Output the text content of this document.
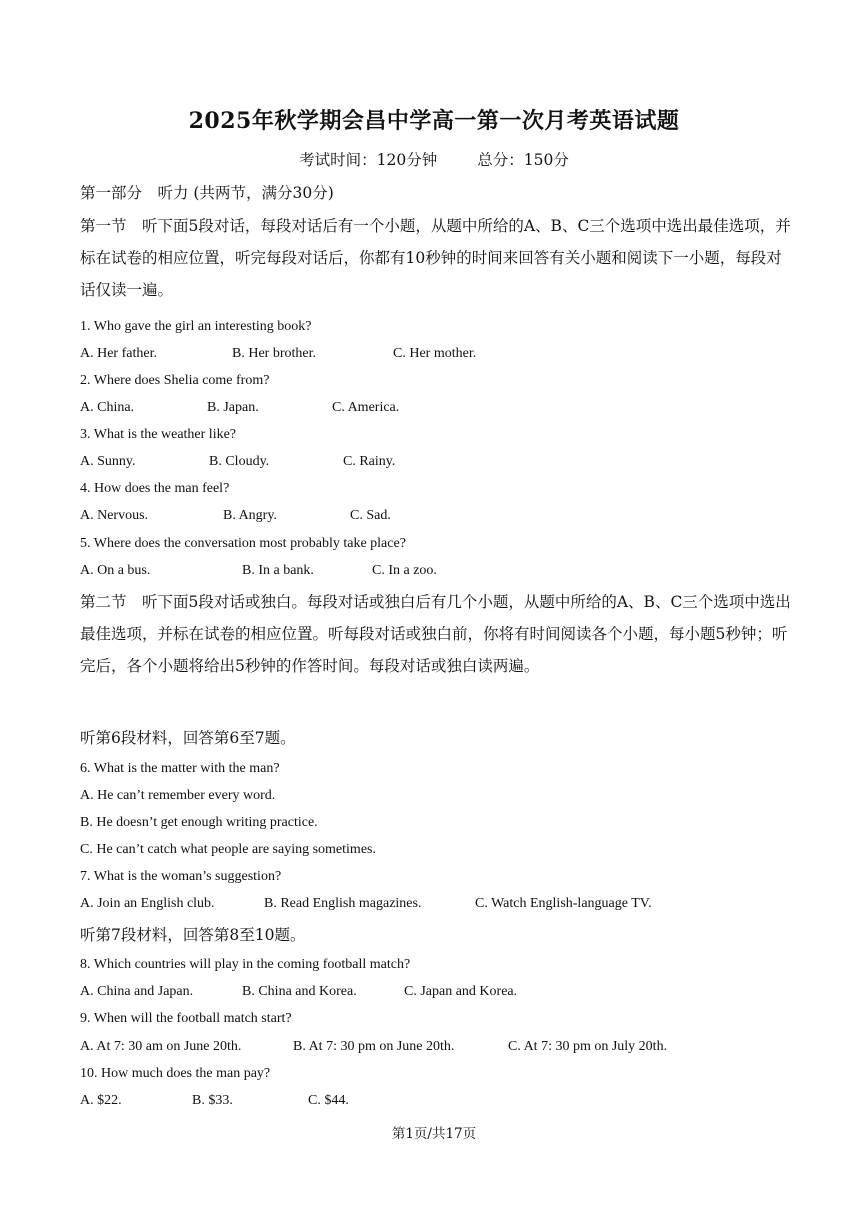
2025年秋学期会昌中学高一第一次月考英语试题
考试时间：120分钟	总分：150分
第一部分　听力 (共两节，满分30分)
第一节　听下面5段对话，每段对话后有一个小题，从题中所给的A、B、C三个选项中选出最佳选项，并标在试卷的相应位置，听完每段对话后，你都有10秒钟的时间来回答有关小题和阅读下一小题，每段对话仅读一遍。
1. Who gave the girl an interesting book?
A. Her father.	B. Her brother.	C. Her mother.
2. Where does Shelia come from?
A. China.	B. Japan.	C. America.
3. What is the weather like?
A. Sunny.	B. Cloudy.	C. Rainy.
4. How does the man feel?
A. Nervous.	B. Angry.	C. Sad.
5. Where does the conversation most probably take place?
A. On a bus.	B. In a bank.	C. In a zoo.
第二节　听下面5段对话或独白。每段对话或独白后有几个小题，从题中所给的A、B、C三个选项中选出最佳选项，并标在试卷的相应位置。听每段对话或独白前，你将有时间阅读各个小题，每小题5秒钟；听完后，各个小题将给出5秒钟的作答时间。每段对话或独白读两遍。
听第6段材料，回答第6至7题。
6. What is the matter with the man?
A. He can’t remember every word.
B. He doesn’t get enough writing practice.
C. He can’t catch what people are saying sometimes.
7. What is the woman’s suggestion?
A. Join an English club.	B. Read English magazines.	C. Watch English-language TV.
听第7段材料，回答第8至10题。
8. Which countries will play in the coming football match?
A. China and Japan.	B. China and Korea.	C. Japan and Korea.
9. When will the football match start?
A. At 7: 30 am on June 20th.	B. At 7: 30 pm on June 20th.	C. At 7: 30 pm on July 20th.
10. How much does the man pay?
A. $22.	B. $33.	C. $44.
第1页/共17页
